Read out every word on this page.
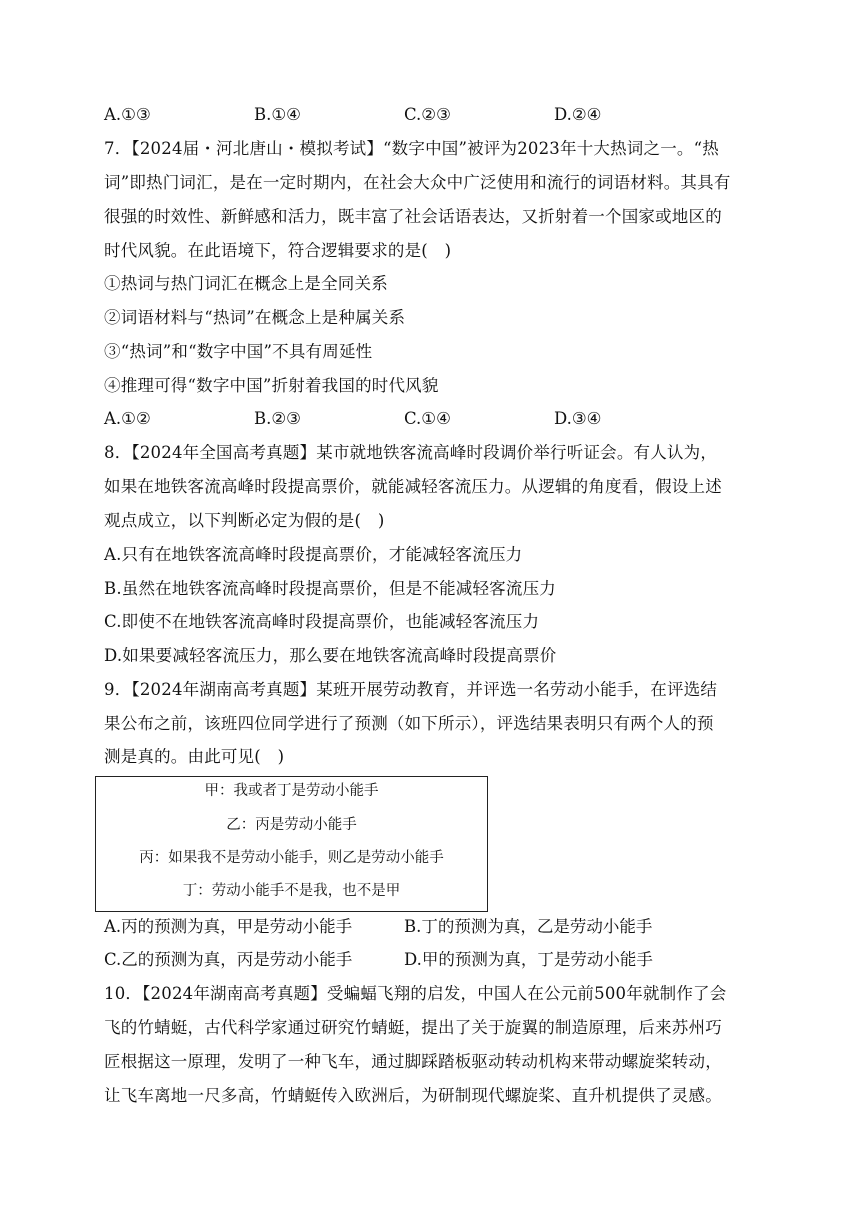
A.①③	B.①④	C.②③	D.②④
7．【2024届・河北唐山・模拟考试】“数字中国”被评为2023年十大热词之一。“热
词”即热门词汇，是在一定时期内，在社会大众中广泛使用和流行的词语材料。其具有
很强的时效性、新鲜感和活力，既丰富了社会话语表达，又折射着一个国家或地区的
时代风貌。在此语境下，符合逻辑要求的是(　)
①热词与热门词汇在概念上是全同关系
②词语材料与“热词”在概念上是种属关系
③“热词”和“数字中国”不具有周延性
④推理可得“数字中国”折射着我国的时代风貌
A.①②	B.②③	C.①④	D.③④
8．【2024年全国高考真题】某市就地铁客流高峰时段调价举行听证会。有人认为，
如果在地铁客流高峰时段提高票价，就能减轻客流压力。从逻辑的角度看，假设上述
观点成立，以下判断必定为假的是(　)
A.只有在地铁客流高峰时段提高票价，才能减轻客流压力
B.虽然在地铁客流高峰时段提高票价，但是不能减轻客流压力
C.即使不在地铁客流高峰时段提高票价，也能减轻客流压力
D.如果要减轻客流压力，那么要在地铁客流高峰时段提高票价
9．【2024年湖南高考真题】某班开展劳动教育，并评选一名劳动小能手，在评选结
果公布之前，该班四位同学进行了预测（如下所示），评选结果表明只有两个人的预
测是真的。由此可见(　)
甲：我或者丁是劳动小能手
乙：丙是劳动小能手
丙：如果我不是劳动小能手，则乙是劳动小能手
丁：劳动小能手不是我，也不是甲
A.丙的预测为真，甲是劳动小能手	B.丁的预测为真，乙是劳动小能手
C.乙的预测为真，丙是劳动小能手	D.甲的预测为真，丁是劳动小能手
10．【2024年湖南高考真题】受蝙蝠飞翔的启发，中国人在公元前500年就制作了会
飞的竹蜻蜓，古代科学家通过研究竹蜻蜓，提出了关于旋翼的制造原理，后来苏州巧
匠根据这一原理，发明了一种飞车，通过脚踩踏板驱动转动机构来带动螺旋桨转动，
让飞车离地一尺多高，竹蜻蜓传入欧洲后，为研制现代螺旋桨、直升机提供了灵感。
